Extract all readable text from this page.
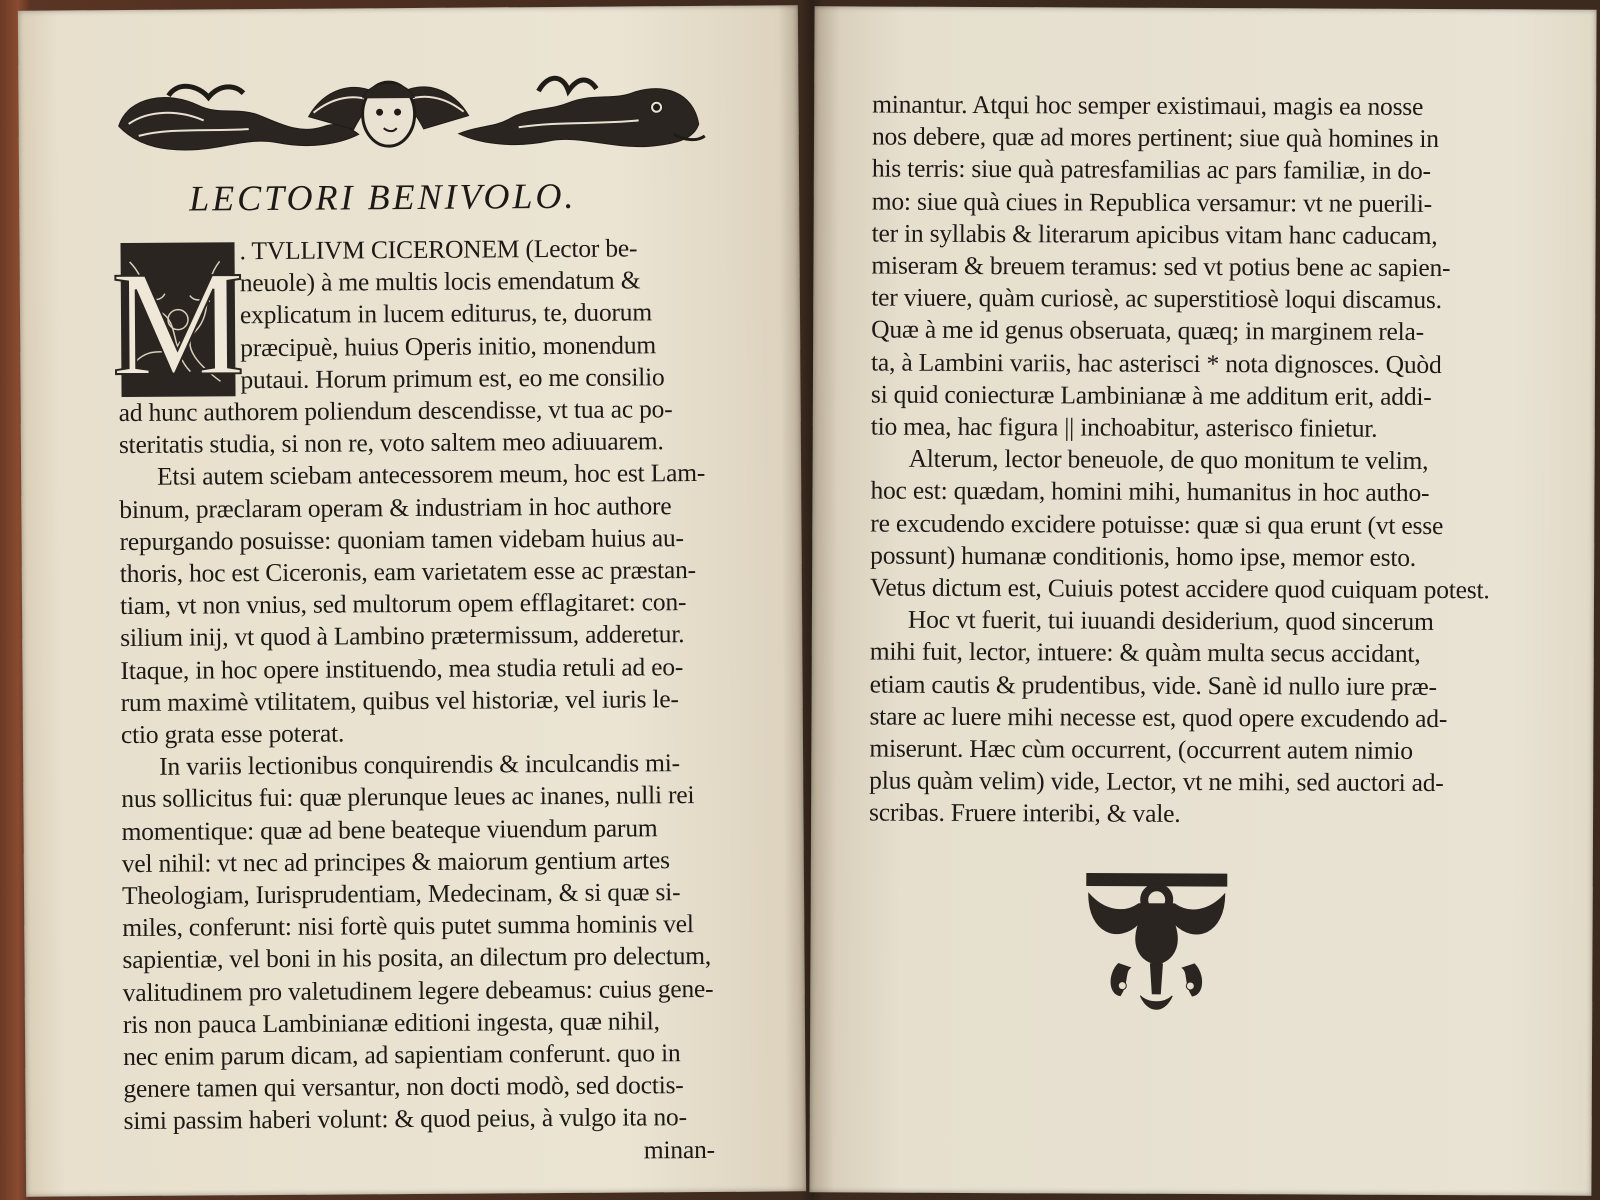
LECTORI BENIVOLO.
M
. TVLLIVM CICERONEM (Lector be-
neuole) à me multis locis emendatum &
explicatum in lucem editurus, te, duorum
præcipuè, huius Operis initio, monendum
putaui. Horum primum est, eo me consilio
ad hunc authorem poliendum descendisse, vt tua ac po-
steritatis studia, si non re, voto saltem meo adiuuarem.
Etsi autem sciebam antecessorem meum, hoc est Lam-
binum, præclaram operam & industriam in hoc authore
repurgando posuisse: quoniam tamen videbam huius au-
thoris, hoc est Ciceronis, eam varietatem esse ac præstan-
tiam, vt non vnius, sed multorum opem efflagitaret: con-
silium inij, vt quod à Lambino prætermissum, adderetur.
Itaque, in hoc opere instituendo, mea studia retuli ad eo-
rum maximè vtilitatem, quibus vel historiæ, vel iuris le-
ctio grata esse poterat.
In variis lectionibus conquirendis & inculcandis mi-
nus sollicitus fui: quæ plerunque leues ac inanes, nulli rei
momentique: quæ ad bene beateque viuendum parum
vel nihil: vt nec ad principes & maiorum gentium artes
Theologiam, Iurisprudentiam, Medecinam, & si quæ si-
miles, conferunt: nisi fortè quis putet summa hominis vel
sapientiæ, vel boni in his posita, an dilectum pro delectum,
valitudinem pro valetudinem legere debeamus: cuius gene-
ris non pauca Lambinianæ editioni ingesta, quæ nihil,
nec enim parum dicam, ad sapientiam conferunt. quo in
genere tamen qui versantur, non docti modò, sed doctis-
simi passim haberi volunt: & quod peius, à vulgo ita no-
minan-
minantur. Atqui hoc semper existimaui, magis ea nosse
nos debere, quæ ad mores pertinent; siue quà homines in
his terris: siue quà patresfamilias ac pars familiæ, in do-
mo: siue quà ciues in Republica versamur: vt ne puerili-
ter in syllabis & literarum apicibus vitam hanc caducam,
miseram & breuem teramus: sed vt potius bene ac sapien-
ter viuere, quàm curiosè, ac superstitiosè loqui discamus.
Quæ à me id genus obseruata, quæq; in marginem rela-
ta, à Lambini variis, hac asterisci * nota dignosces. Quòd
si quid coniecturæ Lambinianæ à me additum erit, addi-
tio mea, hac figura || inchoabitur, asterisco finietur.
Alterum, lector beneuole, de quo monitum te velim,
hoc est: quædam, homini mihi, humanitus in hoc autho-
re excudendo excidere potuisse: quæ si qua erunt (vt esse
possunt) humanæ conditionis, homo ipse, memor esto.
Vetus dictum est, Cuiuis potest accidere quod cuiquam potest.
Hoc vt fuerit, tui iuuandi desiderium, quod sincerum
mihi fuit, lector, intuere: & quàm multa secus accidant,
etiam cautis & prudentibus, vide. Sanè id nullo iure præ-
stare ac luere mihi necesse est, quod opere excudendo ad-
miserunt. Hæc cùm occurrent, (occurrent autem nimio
plus quàm velim) vide, Lector, vt ne mihi, sed auctori ad-
scribas. Fruere interibi, & vale.
